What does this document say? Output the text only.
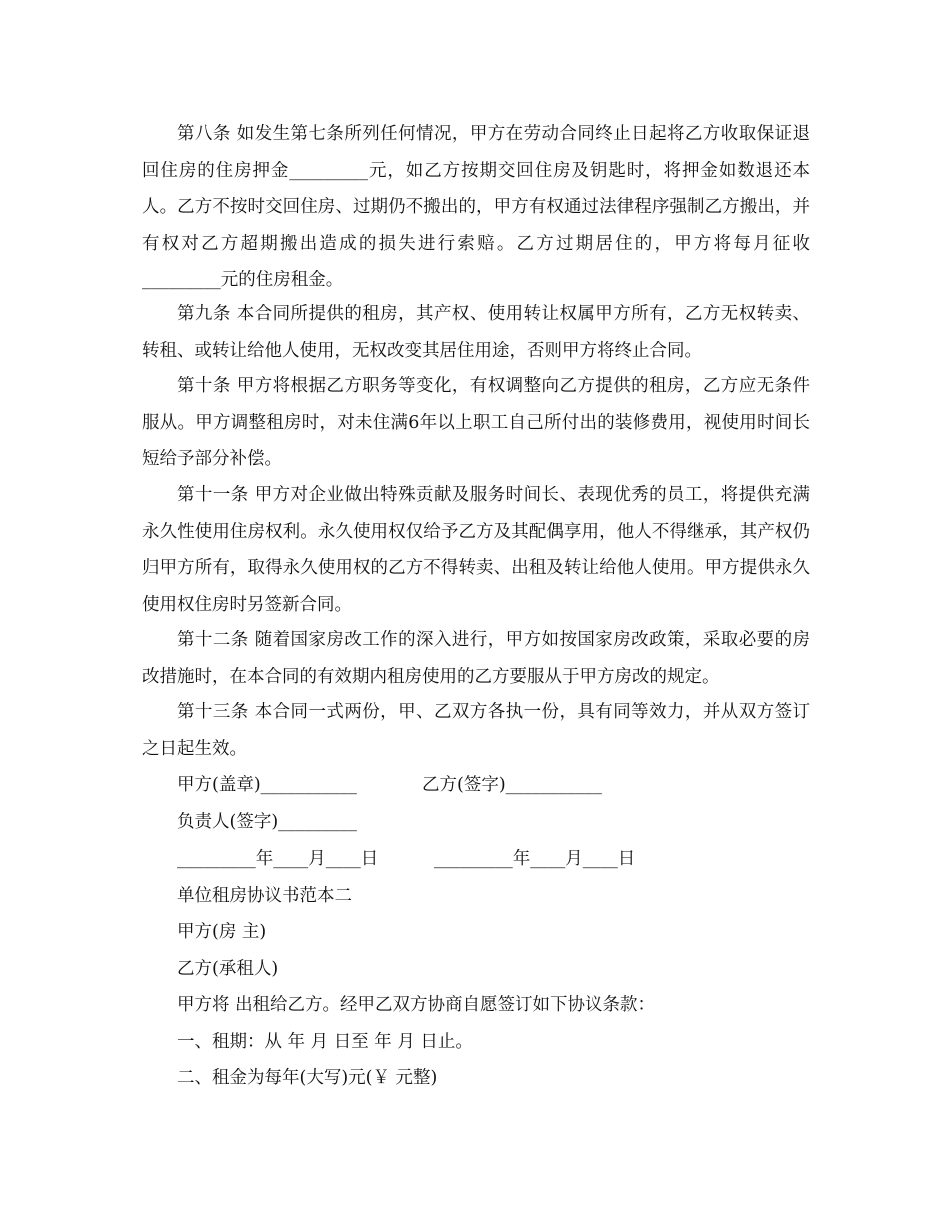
第八条 如发生第七条所列任何情况，甲方在劳动合同终止日起将乙方收取保证退回住房的住房押金_________元，如乙方按期交回住房及钥匙时，将押金如数退还本人。乙方不按时交回住房、过期仍不搬出的，甲方有权通过法律程序强制乙方搬出，并有权对乙方超期搬出造成的损失进行索赔。乙方过期居住的，甲方将每月征收_________元的住房租金。

第九条 本合同所提供的租房，其产权、使用转让权属甲方所有，乙方无权转卖、转租、或转让给他人使用，无权改变其居住用途，否则甲方将终止合同。

第十条 甲方将根据乙方职务等变化，有权调整向乙方提供的租房，乙方应无条件服从。甲方调整租房时，对未住满6年以上职工自己所付出的装修费用，视使用时间长短给予部分补偿。

第十一条 甲方对企业做出特殊贡献及服务时间长、表现优秀的员工，将提供充满永久性使用住房权利。永久使用权仅给予乙方及其配偶享用，他人不得继承，其产权仍归甲方所有，取得永久使用权的乙方不得转卖、出租及转让给他人使用。甲方提供永久使用权住房时另签新合同。

第十二条 随着国家房改工作的深入进行，甲方如按国家房改政策，采取必要的房改措施时，在本合同的有效期内租房使用的乙方要服从于甲方房改的规定。

第十三条 本合同一式两份，甲、乙双方各执一份，具有同等效力，并从双方签订之日起生效。

甲方(盖章)___________	乙方(签字)___________

负责人(签字)_________

_________年____月____日	_________年____月____日

单位租房协议书范本二

甲方(房 主)

乙方(承租人)

甲方将 出租给乙方。经甲乙双方协商自愿签订如下协议条款：

一、租期：从 年 月 日至 年 月 日止。

二、租金为每年(大写)元(￥ 元整)
